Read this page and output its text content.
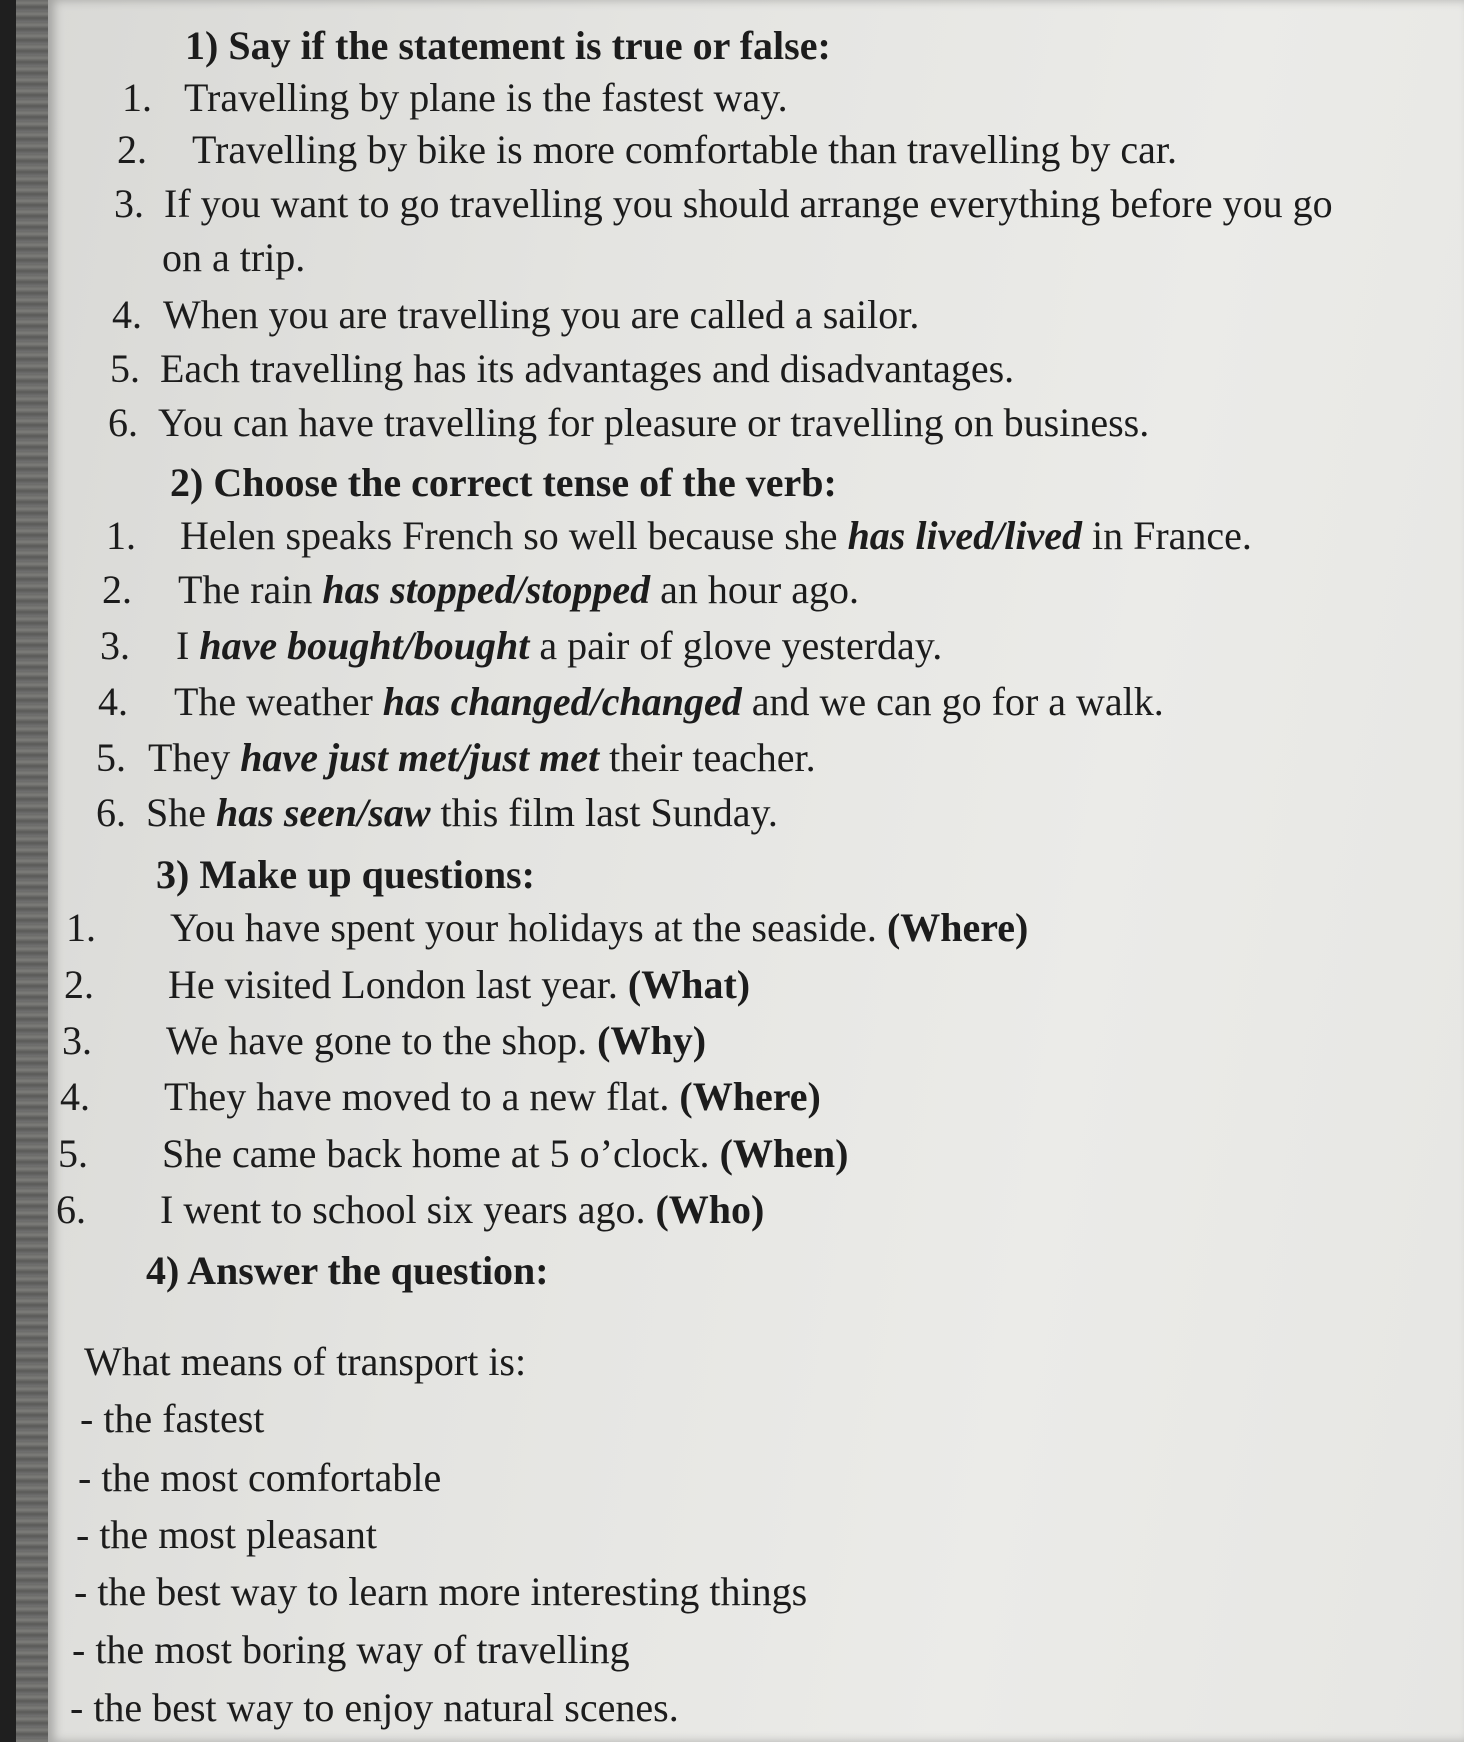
1) Say if the statement is true or false:
1. Travelling by plane is the fastest way.
2. Travelling by bike is more comfortable than travelling by car.
3. If you want to go travelling you should arrange everything before you go
on a trip.
4. When you are travelling you are called a sailor.
5. Each travelling has its advantages and disadvantages.
6. You can have travelling for pleasure or travelling on business.
2) Choose the correct tense of the verb:
1. Helen speaks French so well because she has lived/lived in France.
2. The rain has stopped/stopped an hour ago.
3. I have bought/bought a pair of glove yesterday.
4. The weather has changed/changed and we can go for a walk.
5. They have just met/just met their teacher.
6. She has seen/saw this film last Sunday.
3) Make up questions:
1. You have spent your holidays at the seaside. (Where)
2. He visited London last year. (What)
3. We have gone to the shop. (Why)
4. They have moved to a new flat. (Where)
5. She came back home at 5 o’clock. (When)
6. I went to school six years ago. (Who)
4) Answer the question:
What means of transport is:
- the fastest
- the most comfortable
- the most pleasant
- the best way to learn more interesting things
- the most boring way of travelling
- the best way to enjoy natural scenes.
